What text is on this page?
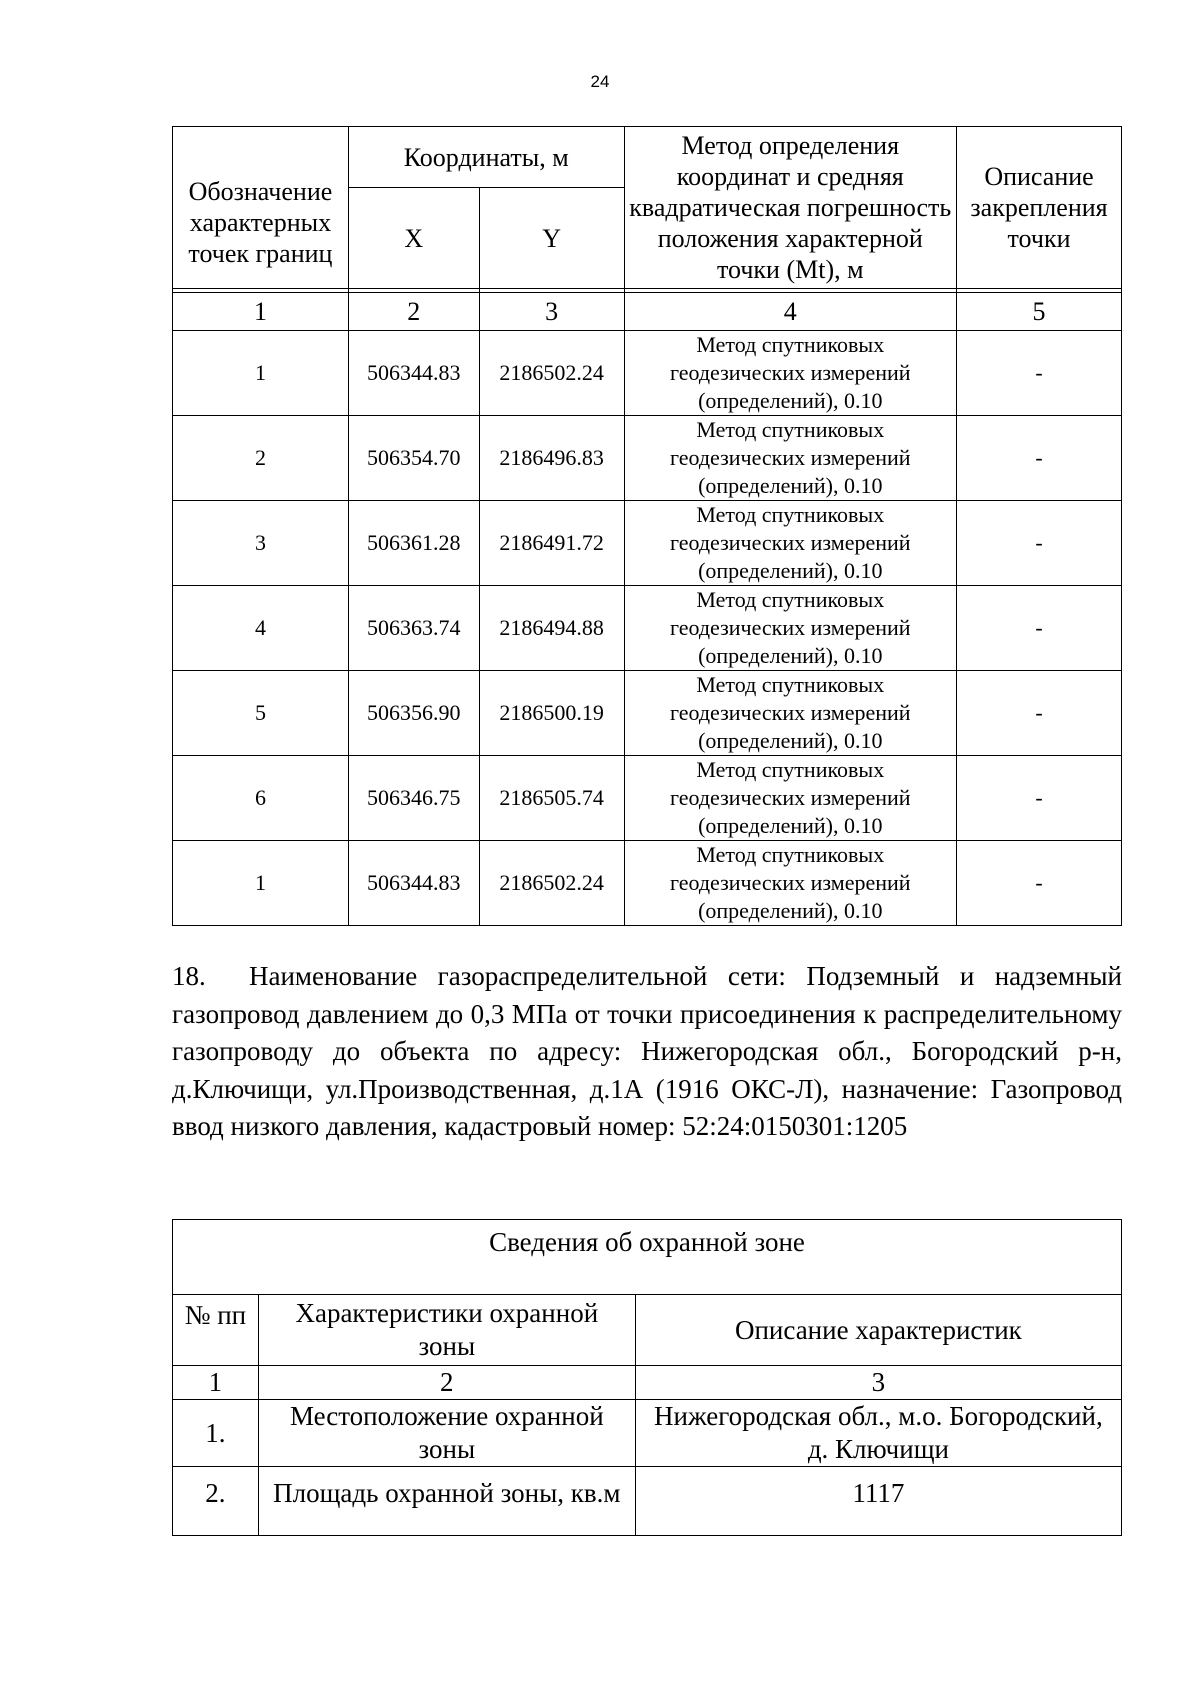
24
Обозначение характерных точек границ	Координаты, м		Метод определения координат и средняя квадратическая погрешность положения характерной точки (Mt), м	Описание закрепления точки
	X	Y		

1	2	3	4	5
1	506344.83	2186502.24	Метод спутниковых геодезических измерений (определений), 0.10	-
2	506354.70	2186496.83	Метод спутниковых геодезических измерений (определений), 0.10	-
3	506361.28	2186491.72	Метод спутниковых геодезических измерений (определений), 0.10	-
4	506363.74	2186494.88	Метод спутниковых геодезических измерений (определений), 0.10	-
5	506356.90	2186500.19	Метод спутниковых геодезических измерений (определений), 0.10	-
6	506346.75	2186505.74	Метод спутниковых геодезических измерений (определений), 0.10	-
1	506344.83	2186502.24	Метод спутниковых геодезических измерений (определений), 0.10	-
18. Наименование газораспределительной сети: Подземный и надземный газопровод давлением до 0,3 МПа от точки присоединения к распределительному газопроводу до объекта по адресу: Нижегородская обл., Богородский р-н, д.Ключищи, ул.Производственная, д.1А (1916 ОКС-Л), назначение: Газопровод ввод низкого давления, кадастровый номер: 52:24:0150301:1205
Сведения об охранной зоне		
№ пп	Характеристики охранной зоны	Описание характеристик
1	2	3
1.	Местоположение охранной зоны	Нижегородская обл., м.о. Богородский, д. Ключищи
2.	Площадь охранной зоны, кв.м	1117
